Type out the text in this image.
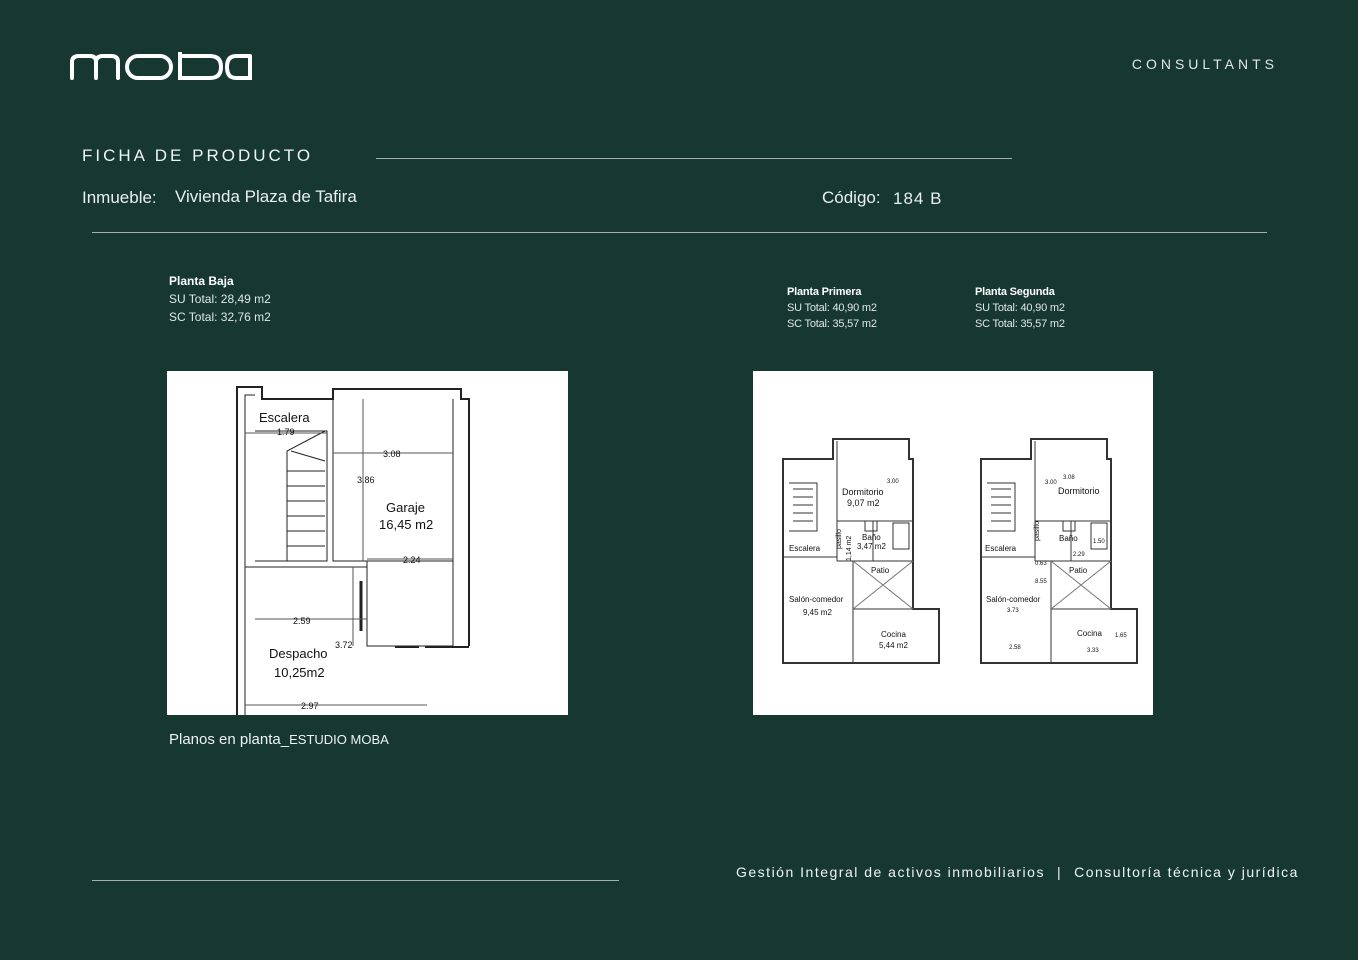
CONSULTANTS
FICHA DE PRODUCTO
Inmueble: Vivienda Plaza de Tafira	Código: 184 B
Planta Baja
SU Total: 28,49 m2
SC Total: 32,76 m2
Planta Primera
SU Total: 40,90 m2
SC Total: 35,57 m2
Planta Segunda
SU Total: 40,90 m2
SC Total: 35,57 m2
Escalera
1.79
3.08
3.86
Garaje
16,45 m2
2.24
2.59
3.72
Despacho
10,25m2
2.97
Dormitorio
9,07 m2
3.00
Escalera
Baño
3,47 m2
pasillo 1,14 m2
Patio
Salón-comedor
9,45 m2
Cocina
5,44 m2
3.08
3.00
Dormitorio
Escalera
Baño	1.50
pasillo
2.29
0.63
Patio
8.55
Salón-comedor
3.73
Cocina 1.65
2.58	3.33
Planos en planta_ESTUDIO MOBA
Gestión Integral de activos inmobiliarios | Consultoría técnica y jurídica
